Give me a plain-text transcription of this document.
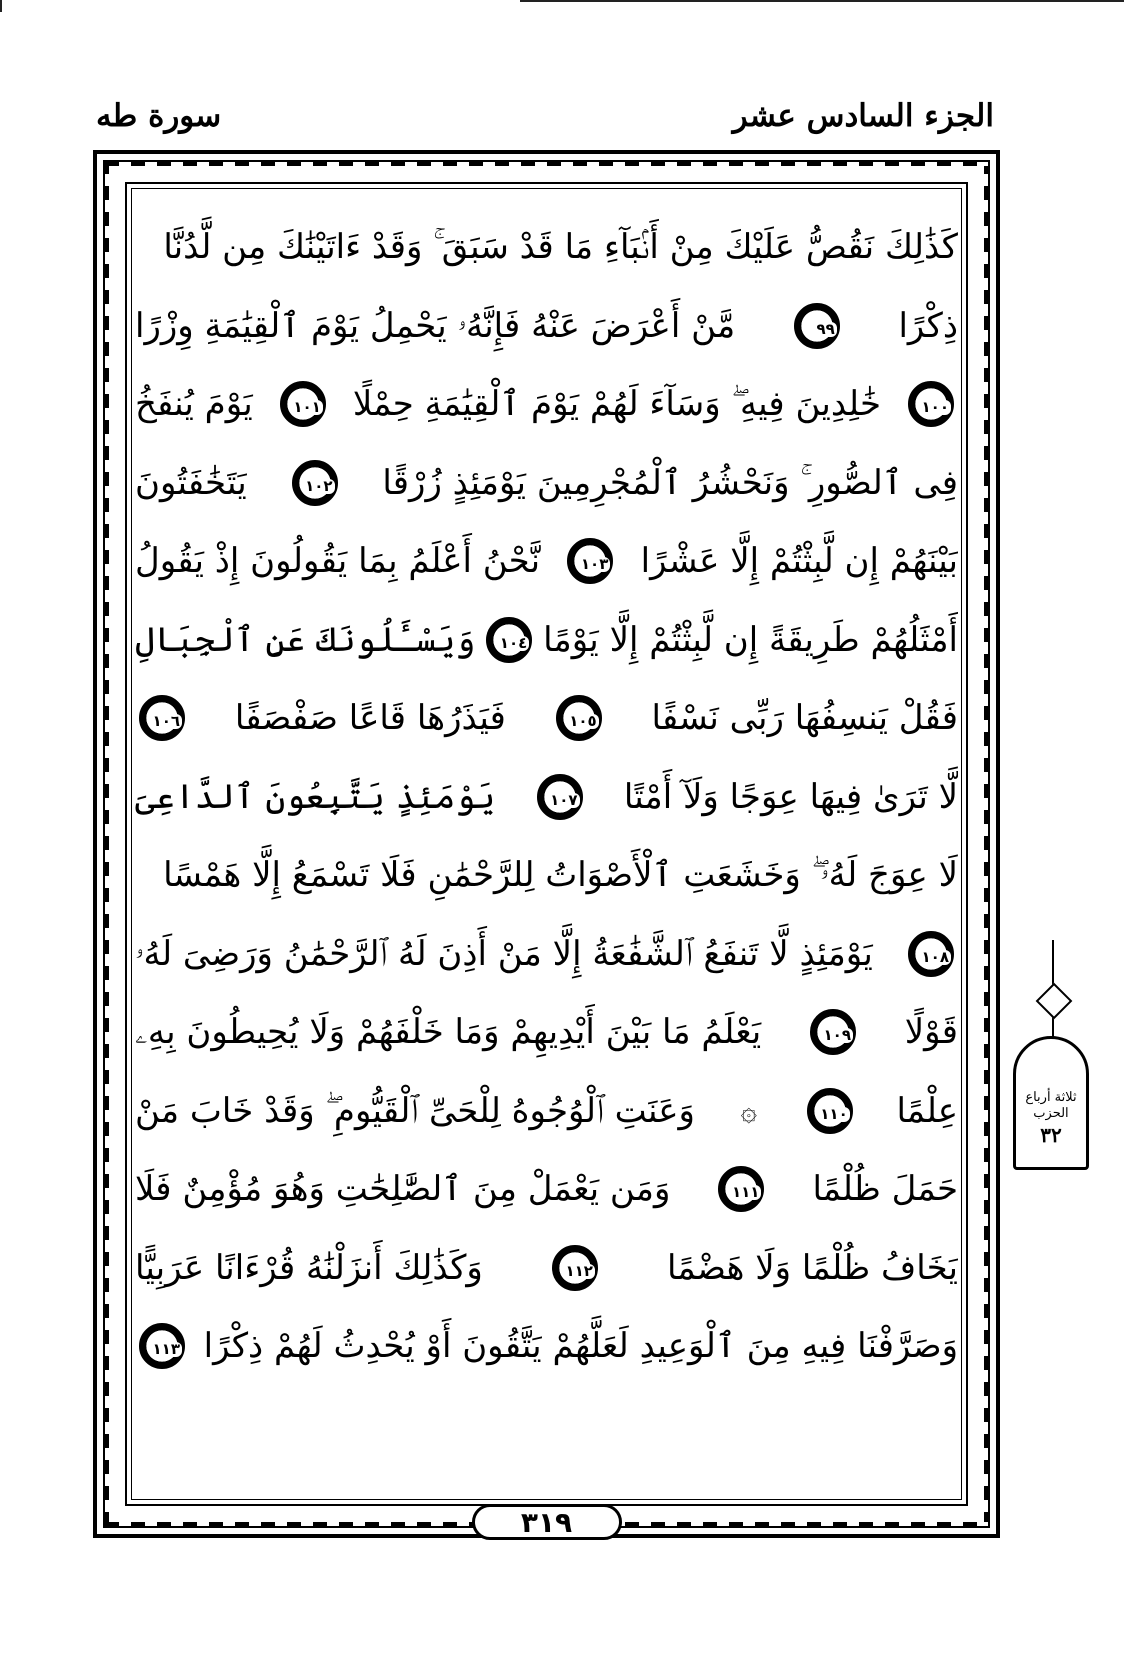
الجزء السادس عشر
سورة طه
كَذَٰلِكَ نَقُصُّ عَلَيْكَ مِنْ أَنۢبَآءِ مَا قَدْ سَبَقَ ۚ وَقَدْ ءَاتَيْنَٰكَ مِن لَّدُنَّا
ذِكْرًا
٩٩
مَّنْ أَعْرَضَ عَنْهُ فَإِنَّهُۥ يَحْمِلُ يَوْمَ ٱلْقِيَٰمَةِ وِزْرًا
١٠٠
خَٰلِدِينَ فِيهِ ۖ وَسَآءَ لَهُمْ يَوْمَ ٱلْقِيَٰمَةِ حِمْلًا
١٠١
يَوْمَ يُنفَخُ
فِى ٱلصُّورِ ۚ وَنَحْشُرُ ٱلْمُجْرِمِينَ يَوْمَئِذٍ زُرْقًا
١٠٢
يَتَخَٰفَتُونَ
بَيْنَهُمْ إِن لَّبِثْتُمْ إِلَّا عَشْرًا
١٠٣
نَّحْنُ أَعْلَمُ بِمَا يَقُولُونَ إِذْ يَقُولُ
أَمْثَلُهُمْ طَرِيقَةً إِن لَّبِثْتُمْ إِلَّا يَوْمًا
١٠٤
وَيَسْـَٔلُونَكَ عَنِ ٱلْجِبَالِ
فَقُلْ يَنسِفُهَا رَبِّى نَسْفًا
١٠٥
فَيَذَرُهَا قَاعًا صَفْصَفًا
١٠٦
لَّا تَرَىٰ فِيهَا عِوَجًا وَلَآ أَمْتًا
١٠٧
يَوْمَئِذٍ يَتَّبِعُونَ ٱلدَّاعِىَ
لَا عِوَجَ لَهُۥ ۖ وَخَشَعَتِ ٱلْأَصْوَاتُ لِلرَّحْمَٰنِ فَلَا تَسْمَعُ إِلَّا هَمْسًا
١٠٨
يَوْمَئِذٍ لَّا تَنفَعُ ٱلشَّفَٰعَةُ إِلَّا مَنْ أَذِنَ لَهُ ٱلرَّحْمَٰنُ وَرَضِىَ لَهُۥ
قَوْلًا
١٠٩
يَعْلَمُ مَا بَيْنَ أَيْدِيهِمْ وَمَا خَلْفَهُمْ وَلَا يُحِيطُونَ بِهِۦ
عِلْمًا
١١٠
۞
وَعَنَتِ ٱلْوُجُوهُ لِلْحَىِّ ٱلْقَيُّومِ ۖ وَقَدْ خَابَ مَنْ
حَمَلَ ظُلْمًا
١١١
وَمَن يَعْمَلْ مِنَ ٱلصَّٰلِحَٰتِ وَهُوَ مُؤْمِنٌ فَلَا
يَخَافُ ظُلْمًا وَلَا هَضْمًا
١١٢
وَكَذَٰلِكَ أَنزَلْنَٰهُ قُرْءَانًا عَرَبِيًّا
وَصَرَّفْنَا فِيهِ مِنَ ٱلْوَعِيدِ لَعَلَّهُمْ يَتَّقُونَ أَوْ يُحْدِثُ لَهُمْ ذِكْرًا
١١٣
٣١٩
ثلاثة أرباع
الحزب
٣٢
